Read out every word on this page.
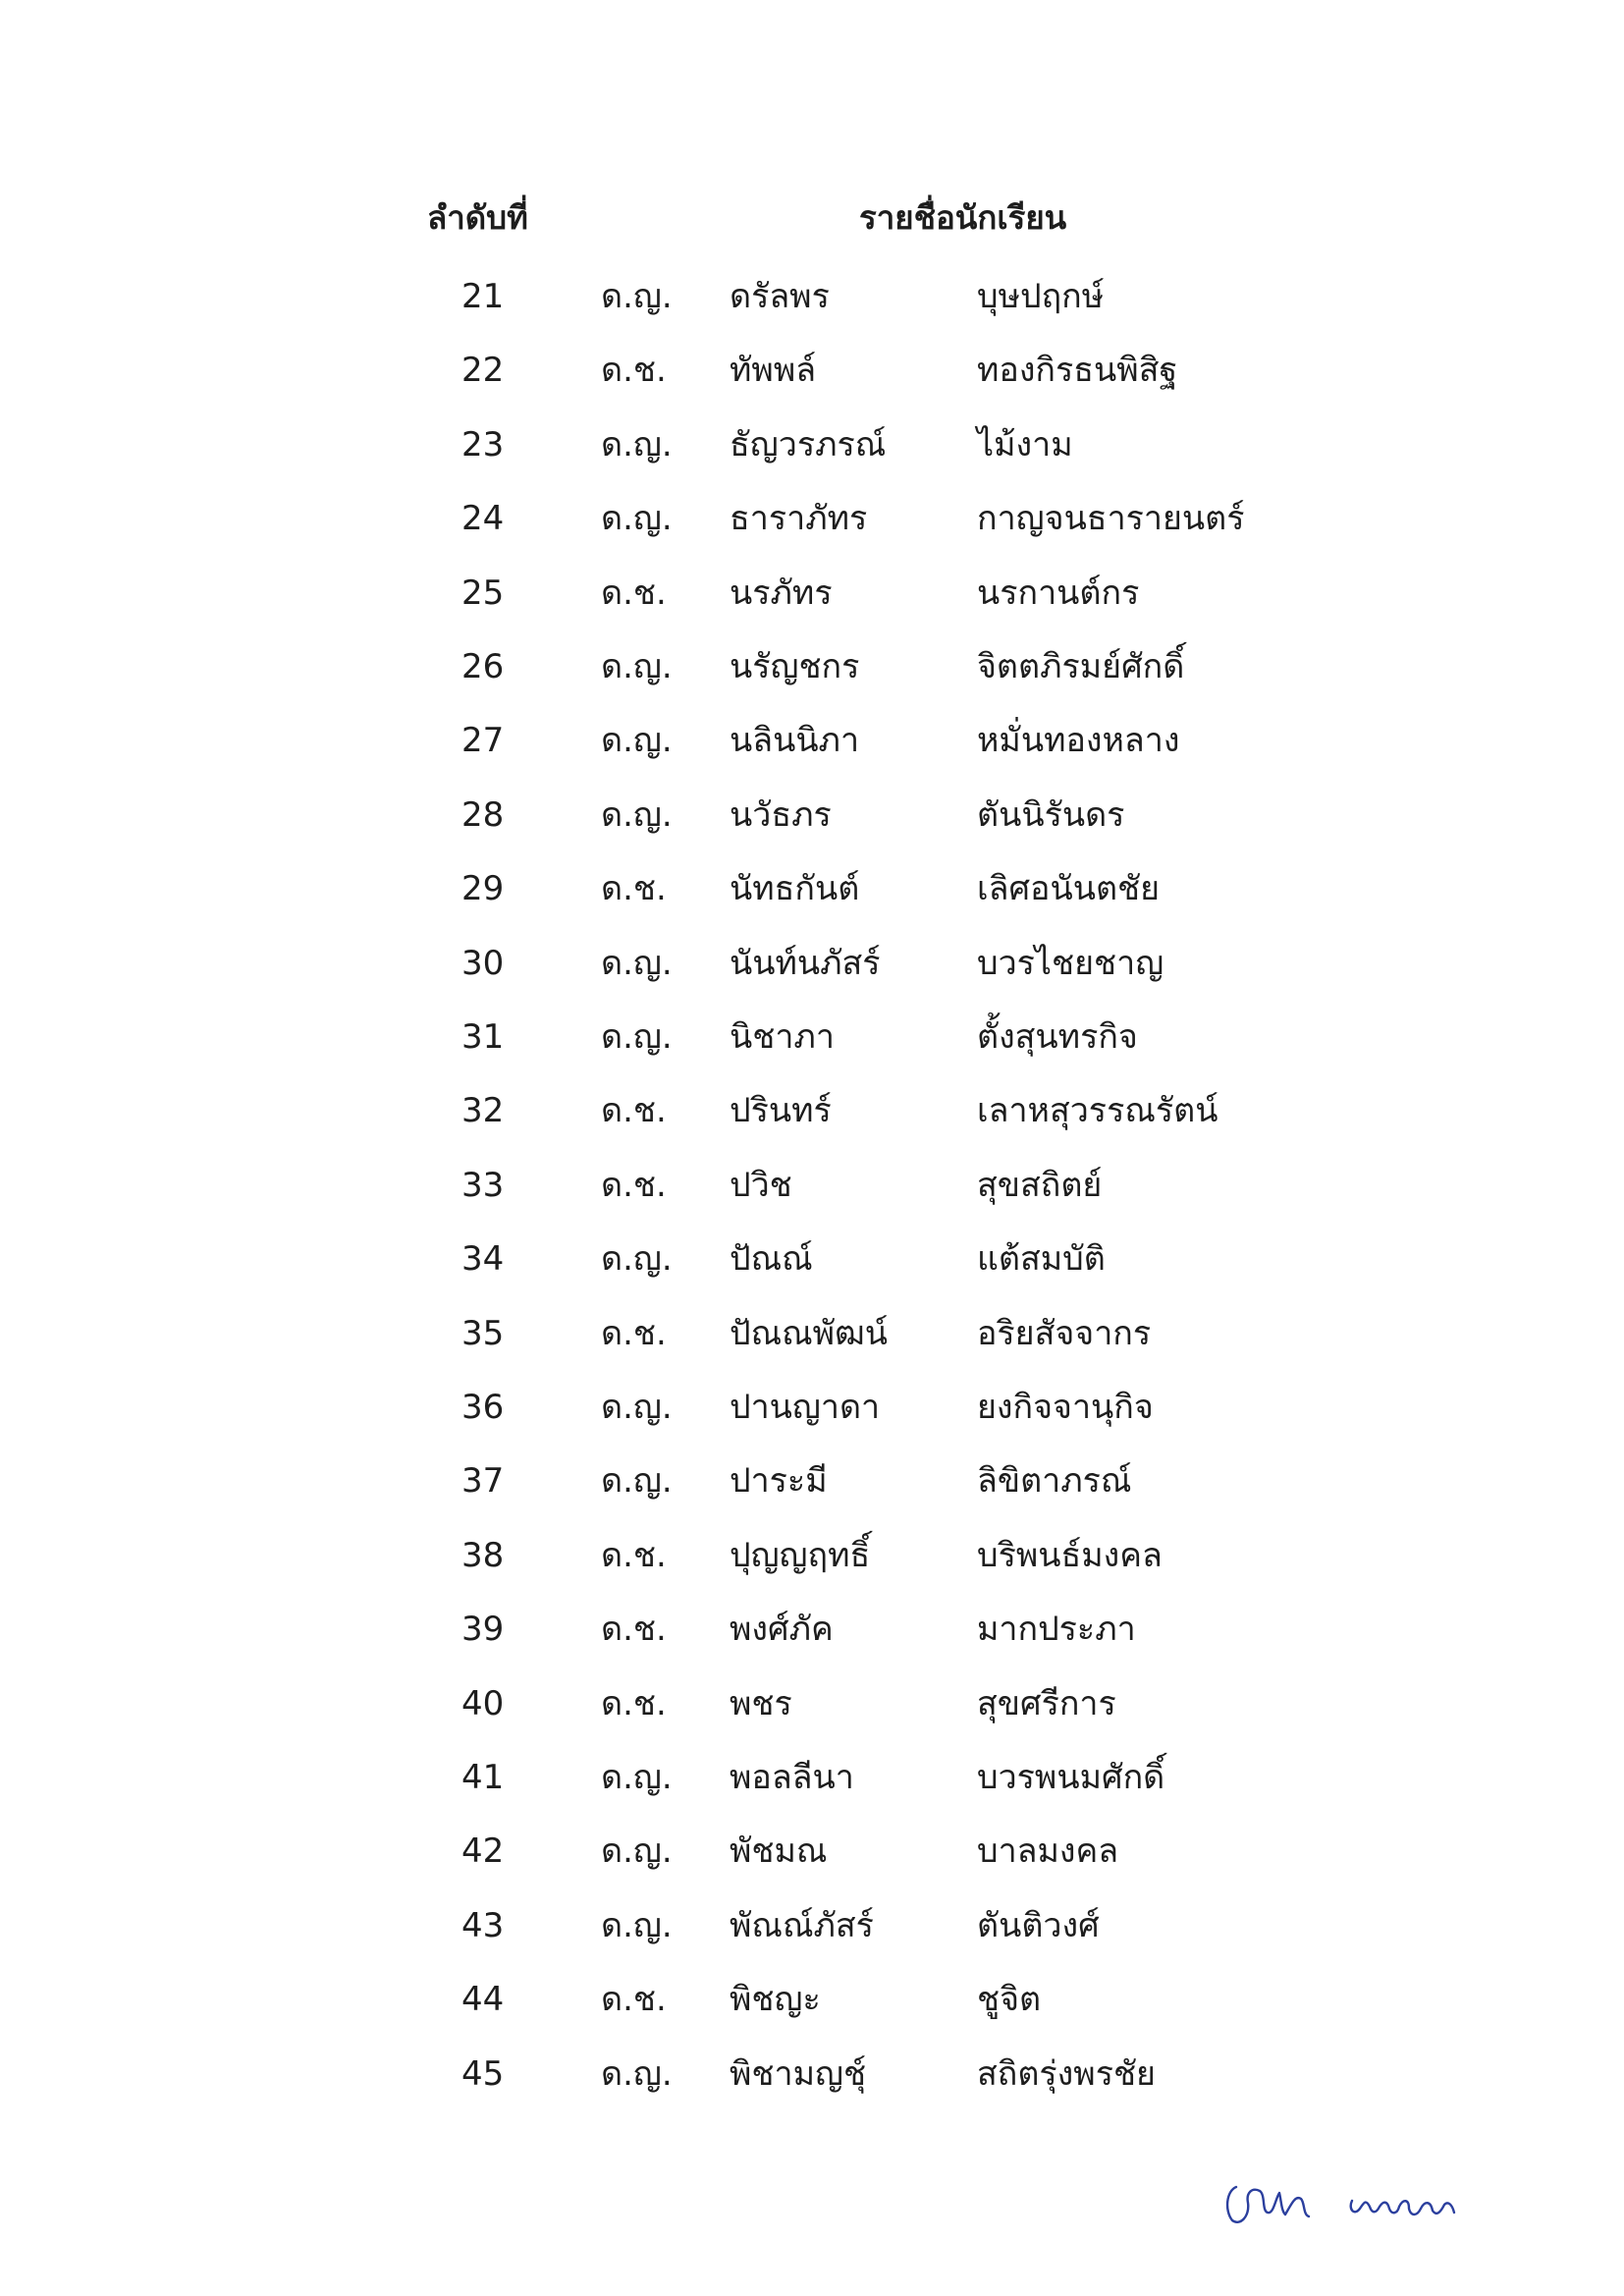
ลำดับที่	รายชื่อนักเรียน
21	ด.ญ. ดรัลพร	บุษปฤกษ์
22	ด.ช. ทัพพล์	ทองกิรธนพิสิฐ
23	ด.ญ. ธัญวรภรณ์	ไม้งาม
24	ด.ญ. ธาราภัทร	กาญจนธารายนตร์
25	ด.ช. นรภัทร	นรกานต์กร
26	ด.ญ. นรัญชกร	จิตตภิรมย์ศักดิ์
27	ด.ญ. นลินนิภา	หมั่นทองหลาง
28	ด.ญ. นวัธภร	ตันนิรันดร
29	ด.ช. นัทธกันต์	เลิศอนันตชัย
30	ด.ญ. นันท์นภัสร์	บวรไชยชาญ
31	ด.ญ. นิชาภา	ตั้งสุนทรกิจ
32	ด.ช. ปรินทร์	เลาหสุวรรณรัตน์
33	ด.ช. ปวิช	สุขสถิตย์
34	ด.ญ. ปัณณ์	แต้สมบัติ
35	ด.ช. ปัณณพัฒน์	อริยสัจจากร
36	ด.ญ. ปานญาดา	ยงกิจจานุกิจ
37	ด.ญ. ปาระมี	ลิขิตาภรณ์
38	ด.ช. ปุญญฤทธิ์	บริพนธ์มงคล
39	ด.ช. พงศ์ภัค	มากประภา
40	ด.ช. พชร	สุขศรีการ
41	ด.ญ. พอลลีนา	บวรพนมศักดิ์
42	ด.ญ. พัชมณ	บาลมงคล
43	ด.ญ. พัณณ์ภัสร์	ตันติวงศ์
44	ด.ช. พิชญะ	ชูจิต
45	ด.ญ. พิชามญชุ์	สถิตรุ่งพรชัย
